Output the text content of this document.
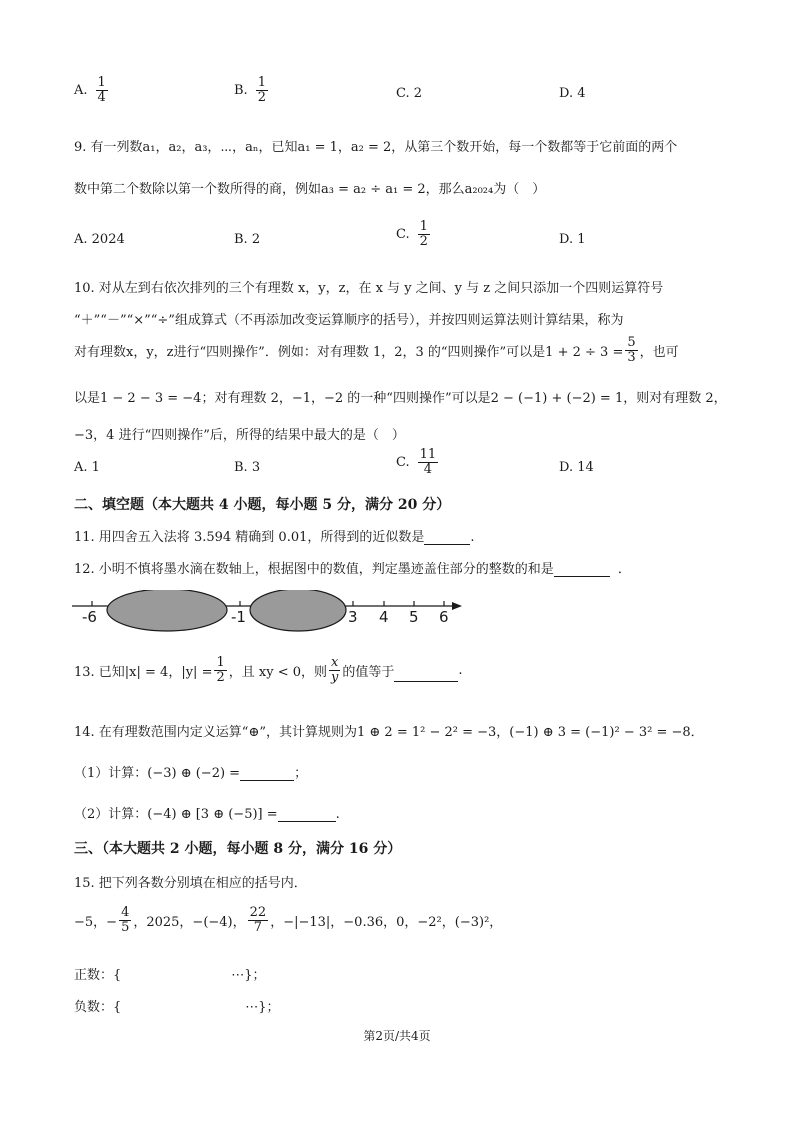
A. $\frac{1}{4}$	B. $\frac{1}{2}$	C. 2	D. 4
9. 有一列数a₁，a₂，a₃，⋯，aₙ，已知a₁ = 1，a₂ = 2，从第三个数开始，每一个数都等于它前面的两个
数中第二个数除以第一个数所得的商，例如a₃ = a₂ ÷ a₁ = 2，那么a₂₀₂₄为（　）
A. 2024	B. 2	C. $\frac{1}{2}$	D. 1
10. 对从左到右依次排列的三个有理数 x，y，z，在 x 与 y 之间、y 与 z 之间只添加一个四则运算符号
“＋”“－”“×”“÷”组成算式（不再添加改变运算顺序的括号），并按四则运算法则计算结果，称为
对有理数x，y，z进行“四则操作”．例如：对有理数 1，2，3 的“四则操作”可以是$1 + 2 \div 3 = \frac{5}{3}$ ，也可
以是1 − 2 − 3 = −4；对有理数 2，−1，−2 的一种“四则操作”可以是2 − (−1) + (−2) = 1，则对有理数 2，
−3，4 进行“四则操作”后，所得的结果中最大的是（　）
A. 1	B. 3	C. $\frac{11}{4}$	D. 14
二、填空题（本大题共 4 小题，每小题 5 分，满分 20 分）
11. 用四舍五入法将 3.594 精确到 0.01，所得到的近似数是	.
12. 小明不慎将墨水滴在数轴上，根据图中的数值，判定墨迹盖住部分的整数的和是	．
-6	-1	3 4 5 6
13. 已知|x| = 4，$|y| = \frac{1}{2}$ ，且 xy < 0，则 $\frac{x}{y}$ 的值等于	.
14. 在有理数范围内定义运算“⊕”，其计算规则为1 ⊕ 2 = 1² − 2² = −3，(−1) ⊕ 3 = (−1)² − 3² = −8．
（1）计算：(−3) ⊕ (−2) =	；
（2）计算：(−4) ⊕ [3 ⊕ (−5)] =	.
三、（本大题共 2 小题，每小题 8 分，满分 16 分）
15. 把下列各数分别填在相应的括号内．
−5，− $\frac{4}{5}$ ，2025，−(−4)， $\frac{22}{7}$ ，−|−13|，−0.36，0，−2²，(−3)²，
正数：{	⋯}；
负数：{	⋯}；
第2页/共4页
